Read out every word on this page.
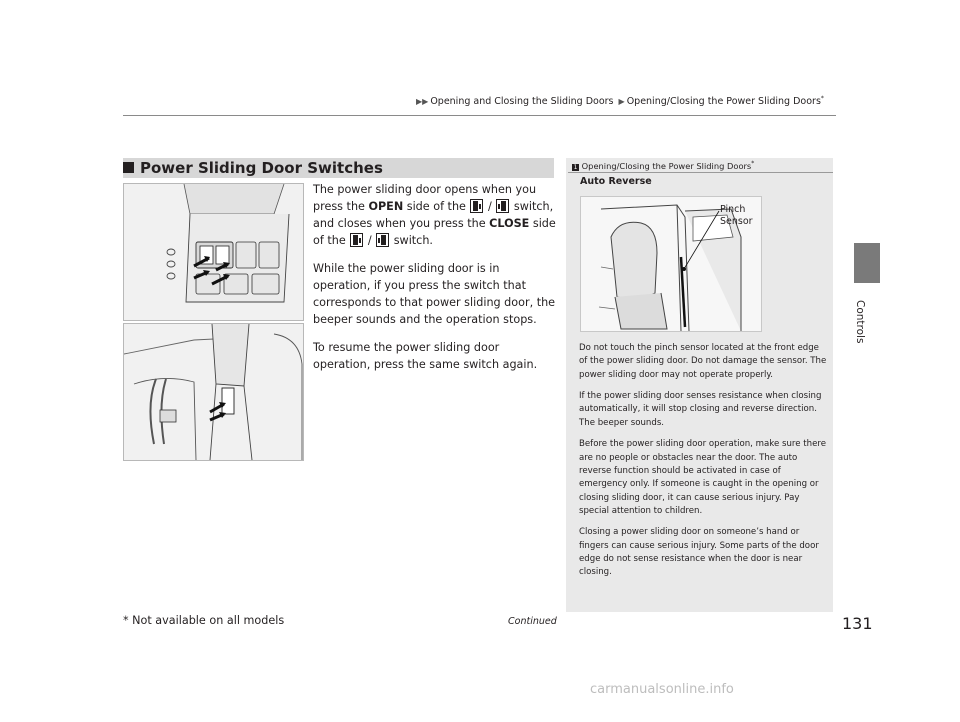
▶▶ Opening and Closing the Sliding Doors ▶ Opening/Closing the Power Sliding Doors*
Controls
Power Sliding Door Switches

The power sliding door opens when you press the OPEN side of the  /  switch, and closes when you press the CLOSE side of the  /  switch.

While the power sliding door is in operation, if you press the switch that corresponds to that power sliding door, the beeper sounds and the operation stops.

To resume the power sliding door operation, press the same switch again.

1 Opening/Closing the Power Sliding Doors*
Auto Reverse
Pinch
Sensor

Do not touch the pinch sensor located at the front edge of the power sliding door. Do not damage the sensor. The power sliding door may not operate properly.

If the power sliding door senses resistance when closing automatically, it will stop closing and reverse direction. The beeper sounds.

Before the power sliding door operation, make sure there are no people or obstacles near the door. The auto reverse function should be activated in case of emergency only. If someone is caught in the opening or closing sliding door, it can cause serious injury. Pay special attention to children.

Closing a power sliding door on someone’s hand or fingers can cause serious injury. Some parts of the door edge do not sense resistance when the door is near closing.

* Not available on all models	Continued	131
carmanualsonline.info
